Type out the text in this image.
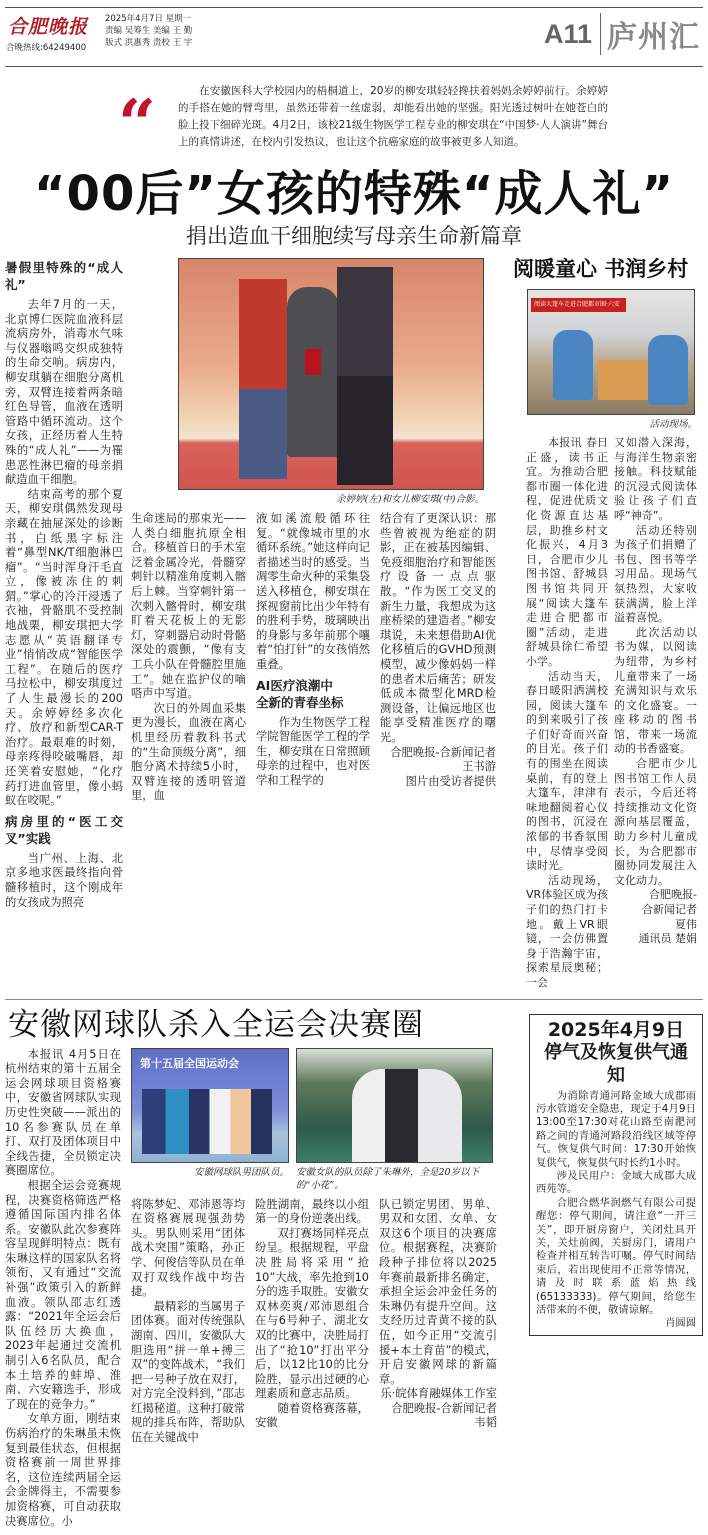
合肥晚报
合晚热线:64249400
2025年4月7日 星期一
责编 吴筹生 美编 王 勤
版式 洪惠秀 责校 王 宇	A11 庐州汇
“	在安徽医科大学校园内的梧桐道上，20岁的柳安琪轻轻搀扶着妈妈余婷婷前行。余婷婷的手搭在她的臂弯里，虽然还带着一丝虚弱，却能看出她的坚强。阳光透过树叶在她苍白的脸上投下细碎光斑。4月2日，该校21级生物医学工程专业的柳安琪在“中国梦·人人演讲”舞台上的真情讲述，在校内引发热议，也让这个抗癌家庭的故事被更多人知道。
“00后”女孩的特殊“成人礼”
捐出造血干细胞续写母亲生命新篇章
暑假里特殊的“成人礼”

去年7月的一天，北京博仁医院血液科层流病房外，消毒水气味与仪器嗡鸣交织成独特的生命交响。病房内，柳安琪躺在细胞分离机旁，双臂连接着两条暗红色导管，血液在透明管路中循环流动。这个女孩，正经历着人生特殊的“成人礼”——为罹患恶性淋巴瘤的母亲捐献造血干细胞。

结束高考的那个夏天，柳安琪偶然发现母亲藏在抽屉深处的诊断书，白纸黑字标注着“鼻型NK/T细胞淋巴瘤”。“当时浑身汗毛直立，像被冻住的刺猬。”掌心的冷汗浸透了衣袖，骨骼肌不受控制地战栗，柳安琪把大学志愿从“英语翻译专业”悄悄改成“智能医学工程”。在随后的医疗马拉松中，柳安琪度过了人生最漫长的200天。余婷婷经多次化疗、放疗和新型CAR-T治疗。最艰难的时刻，母亲疼得咬破嘴唇，却还笑着安慰她，“化疗药打进血管里，像小蚂蚁在咬呢。”

病房里的“医工交叉”实践

当广州、上海、北京多地求医最终指向骨髓移植时，这个刚成年的女孩成为照亮

余婷婷(左)和女儿柳安琪(中)合影。

生命迷局的那束光——人类白细胞抗原全相合。移植首日的手术室泛着金属冷光，骨髓穿刺针以精准角度刺入髂后上棘。当穿刺针第一次刺入髂骨时，柳安琪盯着天花板上的无影灯，穿刺器启动时骨骼深处的震颤，“像有支工兵小队在骨髓腔里施工”。她在监护仪的嘀嗒声中写道。

次日的外周血采集更为漫长，血液在离心机里经历着教科书式的“生命顶级分离”，细胞分离术持续5小时，双臂连接的透明管道里，血

液如溪流般循环往复。“就像城市里的水循环系统。”她这样向记者描述当时的感受。当凋零生命火种的采集袋送入移植仓，柳安琪在探视窗前比出少年特有的胜利手势，玻璃映出的身影与多年前那个嚷着“怕打针”的女孩悄然重叠。

AI医疗浪潮中
全新的青春坐标

作为生物医学工程学院智能医学工程的学生，柳安琪在日常照顾母亲的过程中，也对医学和工程学的

结合有了更深认识：那些曾被视为绝症的阴影，正在被基因编辑、免疫细胞治疗和智能医疗设备一点点驱散。“作为医工交叉的新生力量，我想成为这座桥梁的建造者。”柳安琪说，未来想借助AI优化移植后的GVHD预测模型，减少像妈妈一样的患者术后痛苦；研发低成本微型化MRD检测设备，让偏远地区也能享受精准医疗的曙光。

合肥晚报-合新闻记者

王书游

图片由受访者提供

阅暖童心 书润乡村
阅读大篷车走进合肥都市圈·六安
活动现场。

本报讯 春日正盛，读书正宜。为推动合肥都市圈一体化进程，促进优质文化资源直达基层，助推乡村文化振兴，4月3日，合肥市少儿图书馆、舒城县图书馆共同开展“阅读大篷车走进合肥都市圈”活动，走进舒城县徐仁希望小学。

活动当天，春日暖阳洒满校园，阅读大篷车的到来吸引了孩子们好奇而兴奋的目光。孩子们有的围坐在阅读桌前，有的登上大篷车，津津有味地翻阅着心仪的图书，沉浸在浓郁的书香氛围中，尽情享受阅读时光。

活动现场，VR体验区成为孩子们的热门打卡地。戴上VR眼镜，一会仿佛置身于浩瀚宇宙，探索星辰奥秘；一会

又如潜入深海，与海洋生物亲密接触。科技赋能的沉浸式阅读体验让孩子们直呼“神奇”。

活动还特别为孩子们捐赠了书包、图书等学习用品。现场气氛热烈，大家收获满满，脸上洋溢着喜悦。

此次活动以书为媒，以阅读为纽带，为乡村儿童带来了一场充满知识与欢乐的文化盛宴。一座移动的图书馆，带来一场流动的书香盛宴。

合肥市少儿图书馆工作人员表示，今后还将持续推动文化资源向基层覆盖，助力乡村儿童成长，为合肥都市圈协同发展注入文化动力。

合肥晚报-

合新闻记者

夏伟

通讯员 楚娟

安徽网球队杀入全运会决赛圈

本报讯 4月5日在杭州结束的第十五届全运会网球项目资格赛中，安徽省网球队实现历史性突破——派出的10名参赛队员在单打、双打及团体项目中全线告捷，全员锁定决赛圈席位。

根据全运会竞赛规程，决赛资格筛选严格遵循国际国内排名体系。安徽队此次参赛阵容呈现鲜明特点：既有朱琳这样的国家队名将领衔，又有通过“交流补强”政策引入的新鲜血液。领队邵志红透露：“2021年全运会后队伍经历大换血，2023年起通过交流机制引入6名队员，配合本土培养的蚌埠、淮南、六安籍选手，形成了现在的竞争力。”

女单方面，刚结束伤病治疗的朱琳虽未恢复到最佳状态，但根据资格赛前一周世界排名，这位连续两届全运会金牌得主，不需要参加资格赛，可自动获取决赛席位。小

第十五届全国运动会
安徽网球队男团队员。 安徽女队的队员除了朱琳外，全是20岁以下的“小花”。

将陈梦妃、邓沛恩等均在资格赛展现强劲势头。男队则采用“团体战术突围”策略，孙正学、何俊信等队员在单双打双线作战中均告捷。

最精彩的当属男子团体赛。面对传统强队湖南、四川，安徽队大胆选用“拼一单+搏三双”的变阵战术，“我们把一号种子放在双打，对方完全没料到，”邵志红揭秘道。这种打破常规的排兵布阵，帮助队伍在关键战中

险胜湖南，最终以小组第一的身份逆袭出线。

双打赛场同样亮点纷呈。根据规程，平盘决胜局将采用“抢10”大战，率先抢到10分的选手取胜。安徽女双林奕爽/邓沛恩组合在与6号种子、湖北女双的比赛中，决胜局打出了“抢10”打出平分后，以12比10的比分险胜，显示出过硬的心理素质和意志品质。

随着资格赛落幕，安徽

队已锁定男团、男单、男双和女团、女单、女双这6个项目的决赛席位。根据赛程，决赛阶段种子排位将以2025年赛前最新排名确定，承担全运会冲金任务的朱琳仍有提升空间。这支经历过青黄不接的队伍，如今正用“交流引援+本土育苗”的模式，开启安徽网球的新篇章。

乐·皖体育融媒体工作室

合肥晚报-合新闻记者

韦韬

2025年4月9日
停气及恢复供气通知

为消除青通河路金域大成郡雨污水管道安全隐患，现定于4月9日13:00至17:30对花山路至南淝河路之间的青通河路段沿线区域等停气。恢复供气时间：17:30开始恢复供气，恢复供气时长约1小时。

涉及民用户：金域大成郡大成西苑等。

合肥合燃华润燃气有限公司提醒您：停气期间，请注意“一开三关”，即开厨房窗户，关闭灶具开关，关灶前阀，关厨房门，请用户检查并相互转告叮嘱。停气时间结束后，若出现使用不正常等情况，请及时联系蓝焰热线(65133333)。停气期间，给您生活带来的不便，敬请谅解。

肖圆圆
